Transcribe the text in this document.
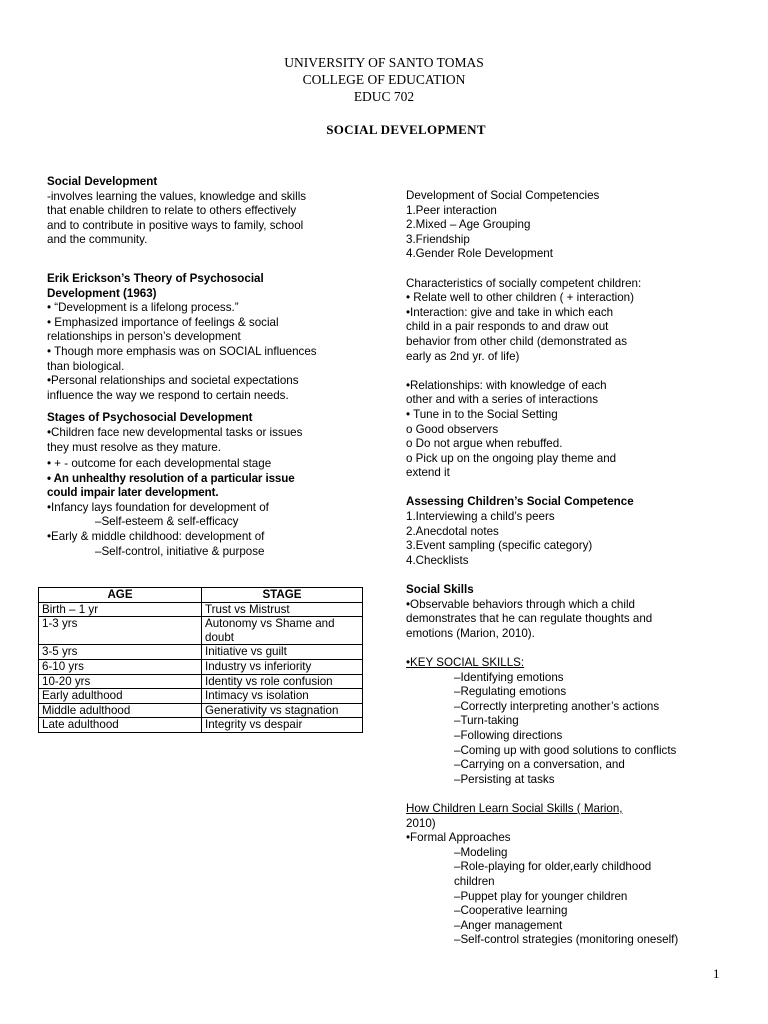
UNIVERSITY OF SANTO TOMAS
COLLEGE OF EDUCATION
EDUC 702
SOCIAL DEVELOPMENT
Social Development
-involves learning the values, knowledge and skills
that enable children to relate to others effectively
and to contribute in positive ways to family, school
and the community.
Erik Erickson’s Theory of Psychosocial
Development (1963)
• “Development is a lifelong process.”
• Emphasized importance of feelings & social
relationships in person’s development
• Though more emphasis was on SOCIAL influences
than biological.
•Personal relationships and societal expectations
influence the way we respond to certain needs.
Stages of Psychosocial Development
•Children face new developmental tasks or issues
they must resolve as they mature.
• + - outcome for each developmental stage
• An unhealthy resolution of a particular issue
could impair later development.
•Infancy lays foundation for development of
–Self-esteem & self-efficacy
•Early & middle childhood: development of
–Self-control, initiative & purpose
AGE	STAGE
Birth – 1 yr	Trust vs Mistrust
1-3 yrs	Autonomy vs Shame and doubt
3-5 yrs	Initiative vs guilt
6-10 yrs	Industry vs inferiority
10-20 yrs	Identity vs role confusion
Early adulthood	Intimacy vs isolation
Middle adulthood	Generativity vs stagnation
Late adulthood	Integrity vs despair
Development of Social Competencies
1.Peer interaction
2.Mixed – Age Grouping
3.Friendship
4.Gender Role Development
Characteristics of socially competent children:
• Relate well to other children ( + interaction)
•Interaction: give and take in which each
child in a pair responds to and draw out
behavior from other child (demonstrated as
early as 2nd yr. of life)
•Relationships: with knowledge of each
other and with a series of interactions
• Tune in to the Social Setting
o Good observers
o Do not argue when rebuffed.
o Pick up on the ongoing play theme and
extend it
Assessing Children’s Social Competence
1.Interviewing a child’s peers
2.Anecdotal notes
3.Event sampling (specific category)
4.Checklists
Social Skills
•Observable behaviors through which a child
demonstrates that he can regulate thoughts and
emotions (Marion, 2010).
•KEY SOCIAL SKILLS:
–Identifying emotions
–Regulating emotions
–Correctly interpreting another’s actions
–Turn-taking
–Following directions
–Coming up with good solutions to conflicts
–Carrying on a conversation, and
–Persisting at tasks
How Children Learn Social Skills ( Marion,
2010)
•Formal Approaches
–Modeling
–Role-playing for older,early childhood
children
–Puppet play for younger children
–Cooperative learning
–Anger management
–Self-control strategies (monitoring oneself)
1
